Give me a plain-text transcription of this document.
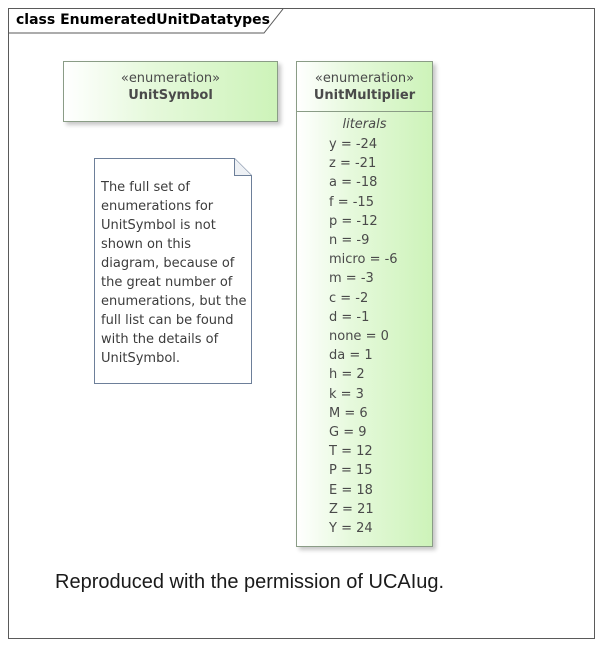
class EnumeratedUnitDatatypes
«enumeration»
UnitSymbol
«enumeration»
UnitMultiplier
literals
y = -24
z = -21
a = -18
f = -15
p = -12
n = -9
micro = -6
m = -3
c = -2
d = -1
none = 0
da = 1
h = 2
k = 3
M = 6
G = 9
T = 12
P = 15
E = 18
Z = 21
Y = 24
The full set of enumerations for UnitSymbol is not shown on this diagram, because of the great number of enumerations, but the full list can be found with the details of UnitSymbol.
Reproduced with the permission of UCAIug.
